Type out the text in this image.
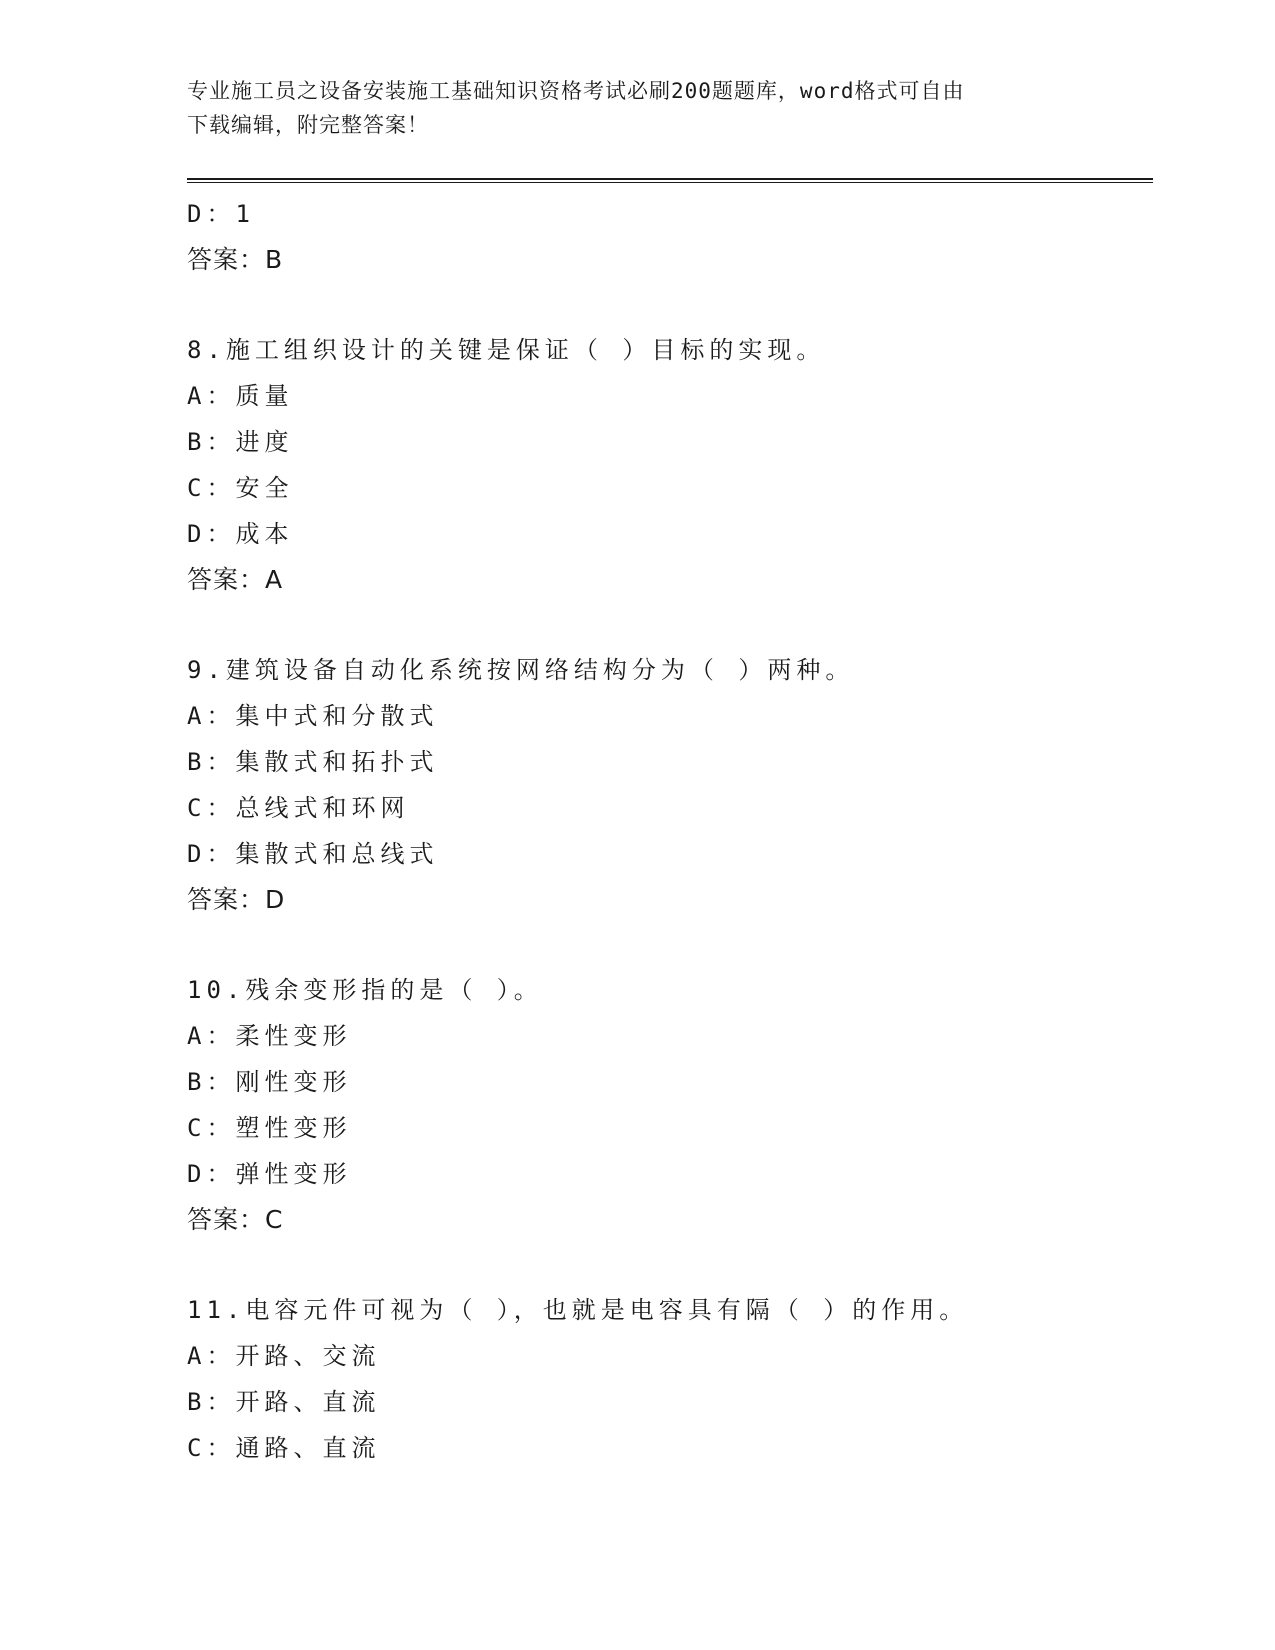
专业施工员之设备安装施工基础知识资格考试必刷200题题库，word格式可自由
下载编辑，附完整答案！
D：1
答案：B
8.施工组织设计的关键是保证（ ）目标的实现。
A：质量
B：进度
C：安全
D：成本
答案：A
9.建筑设备自动化系统按网络结构分为（ ）两种。
A：集中式和分散式
B：集散式和拓扑式
C：总线式和环网
D：集散式和总线式
答案：D
10.残余变形指的是（ ）。
A：柔性变形
B：刚性变形
C：塑性变形
D：弹性变形
答案：C
11.电容元件可视为（ ），也就是电容具有隔（ ）的作用。
A：开路、交流
B：开路、直流
C：通路、直流
